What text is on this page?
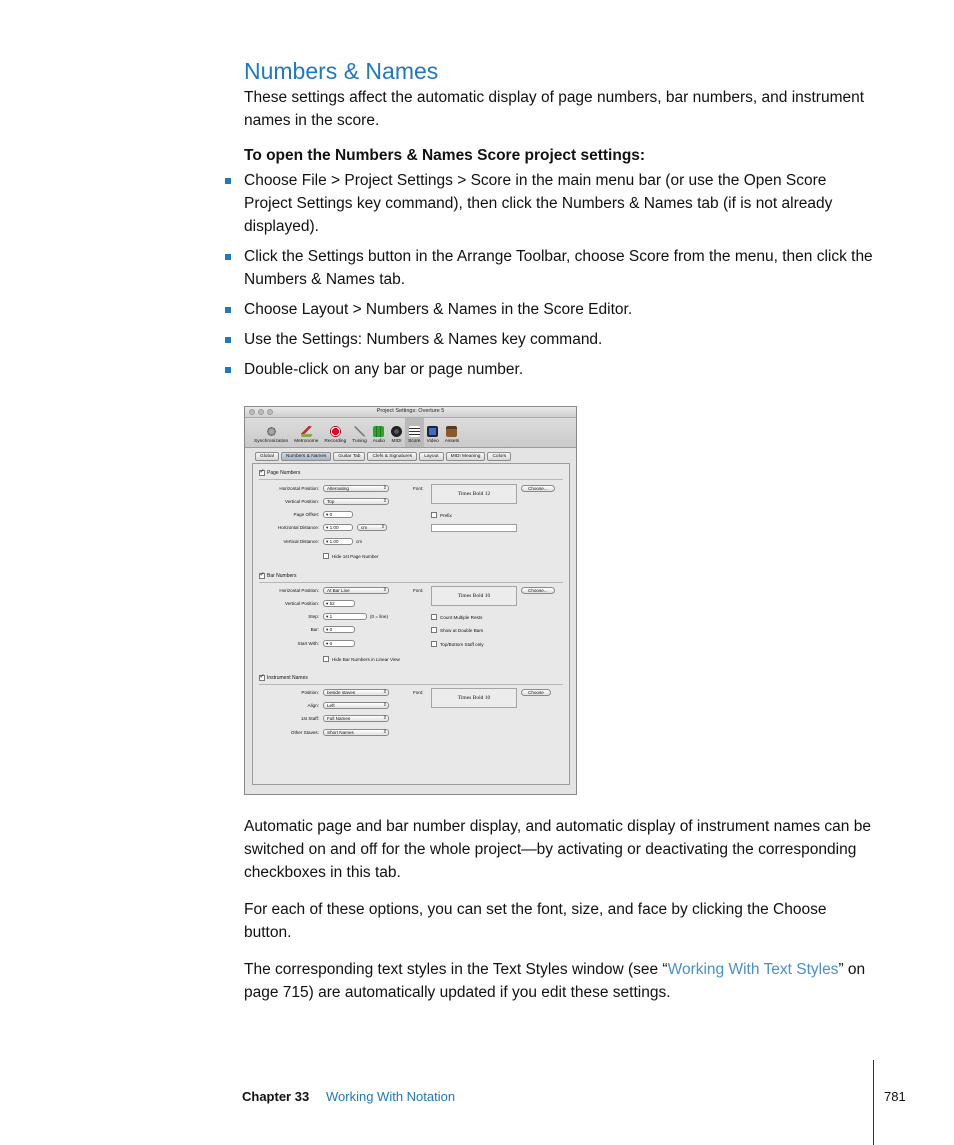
Numbers & Names

These settings affect the automatic display of page numbers, bar numbers, and instrument names in the score.

To open the Numbers & Names Score project settings:

Choose File > Project Settings > Score in the main menu bar (or use the Open Score Project Settings key command), then click the Numbers & Names tab (if is not already displayed).

Click the Settings button in the Arrange Toolbar, choose Score from the menu, then click the Numbers & Names tab.

Choose Layout > Numbers & Names in the Score Editor.

Use the Settings: Numbers & Names key command.

Double-click on any bar or page number.

Project Settings: Overture 5
Synchronization Metronome Recording Tuning Audio MIDI Score Video Assets
Global	Numbers & Names	Guitar Tab	Clefs & Signatures	Layout	MIDI Meaning	Colors
✓
Page Numbers
Horizontal Position:	Alternating ⇕
Vertical Position:	Top ⇕
Page Offset:	▾ 0
Horizontal Distance:	▾ 1.00	cm ⇕
Vertical Distance:	▾ 1.00	cm
Hide 1st Page Number
Font:
Times Bold 12
Choose...
Prefix
✓
Bar Numbers
Horizontal Position:	At Bar Line ⇕
Vertical Position:	▾ 52
Step:	▾ 1	(0 = line)
Bar:	▾ 0
Start With:	▾ 0
Hide Bar Numbers in Linear View
Font:
Times Bold 10
Choose...
Count Multiple Rests
Show at Double Bars
Top/Bottom Staff only
✓
Instrument Names
Position:	beside staves ⇕
Align:	Left ⇕
1st Staff:	Full Names ⇕
Other Staves:	Short Names ⇕
Font:
Times Bold 10
Choose

Automatic page and bar number display, and automatic display of instrument names can be switched on and off for the whole project—by activating or deactivating the corresponding checkboxes in this tab.

For each of these options, you can set the font, size, and face by clicking the Choose button.

The corresponding text styles in the Text Styles window (see “Working With Text Styles” on page 715) are automatically updated if you edit these settings.

Chapter 33 Working With Notation	781
